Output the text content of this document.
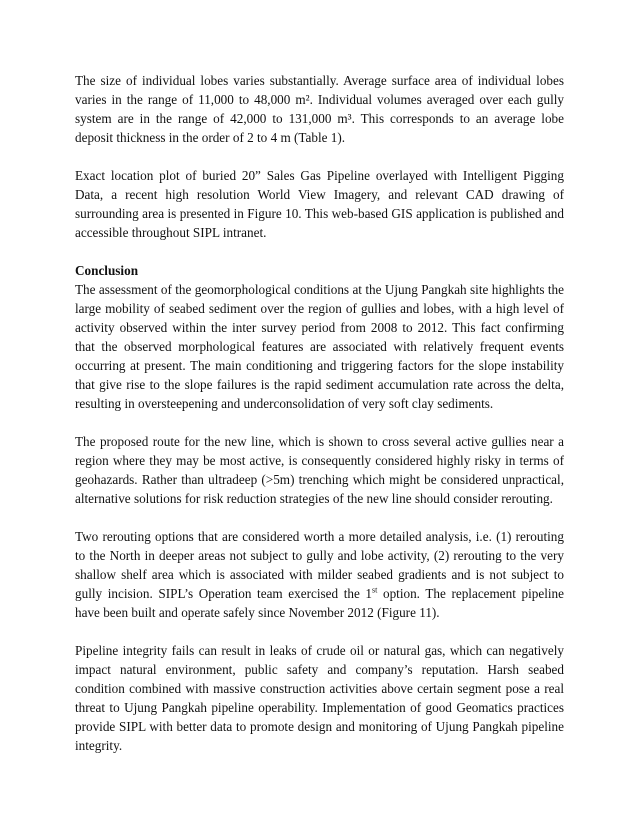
The size of individual lobes varies substantially. Average surface area of individual lobes varies in the range of 11,000 to 48,000 m². Individual volumes averaged over each gully system are in the range of 42,000 to 131,000 m³. This corresponds to an average lobe deposit thickness in the order of 2 to 4 m (Table 1).

Exact location plot of buried 20” Sales Gas Pipeline overlayed with Intelligent Pigging Data, a recent high resolution World View Imagery, and relevant CAD drawing of surrounding area is presented in Figure 10. This web-based GIS application is published and accessible throughout SIPL intranet.

Conclusion

The assessment of the geomorphological conditions at the Ujung Pangkah site highlights the large mobility of seabed sediment over the region of gullies and lobes, with a high level of activity observed within the inter survey period from 2008 to 2012. This fact confirming that the observed morphological features are associated with relatively frequent events occurring at present. The main conditioning and triggering factors for the slope instability that give rise to the slope failures is the rapid sediment accumulation rate across the delta, resulting in oversteepening and underconsolidation of very soft clay sediments.

The proposed route for the new line, which is shown to cross several active gullies near a region where they may be most active, is consequently considered highly risky in terms of geohazards. Rather than ultradeep (>5m) trenching which might be considered unpractical, alternative solutions for risk reduction strategies of the new line should consider rerouting.

Two rerouting options that are considered worth a more detailed analysis, i.e. (1) rerouting to the North in deeper areas not subject to gully and lobe activity, (2) rerouting to the very shallow shelf area which is associated with milder seabed gradients and is not subject to gully incision. SIPL’s Operation team exercised the 1st option. The replacement pipeline have been built and operate safely since November 2012 (Figure 11).

Pipeline integrity fails can result in leaks of crude oil or natural gas, which can negatively impact natural environment, public safety and company’s reputation. Harsh seabed condition combined with massive construction activities above certain segment pose a real threat to Ujung Pangkah pipeline operability. Implementation of good Geomatics practices provide SIPL with better data to promote design and monitoring of Ujung Pangkah pipeline integrity.
